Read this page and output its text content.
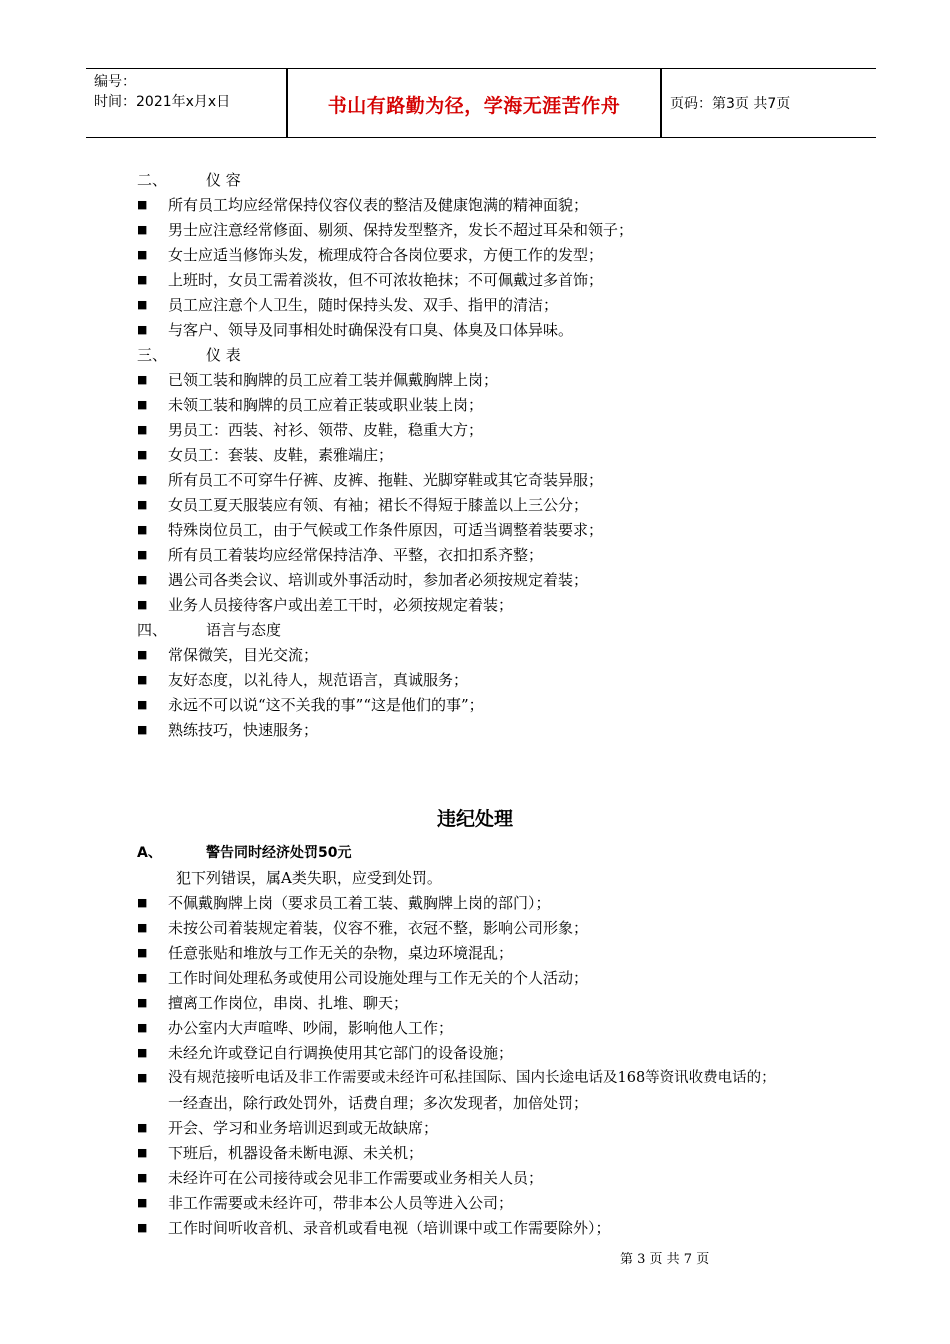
编号：
时间：2021年x月x日	书山有路勤为径，学海无涯苦作舟	页码：第3页 共7页
二、	仪 容
■ 所有员工均应经常保持仪容仪表的整洁及健康饱满的精神面貌；
■ 男士应注意经常修面、剔须、保持发型整齐，发长不超过耳朵和领子；
■ 女士应适当修饰头发，梳理成符合各岗位要求，方便工作的发型；
■ 上班时，女员工需着淡妆，但不可浓妆艳抹；不可佩戴过多首饰；
■ 员工应注意个人卫生，随时保持头发、双手、指甲的清洁；
■ 与客户、领导及同事相处时确保没有口臭、体臭及口体异味。
三、	仪 表
■ 已领工装和胸牌的员工应着工装并佩戴胸牌上岗；
■ 未领工装和胸牌的员工应着正装或职业装上岗；
■ 男员工：西装、衬衫、领带、皮鞋，稳重大方；
■ 女员工：套装、皮鞋，素雅端庄；
■ 所有员工不可穿牛仔裤、皮裤、拖鞋、光脚穿鞋或其它奇装异服；
■ 女员工夏天服装应有领、有袖；裙长不得短于膝盖以上三公分；
■ 特殊岗位员工，由于气候或工作条件原因，可适当调整着装要求；
■ 所有员工着装均应经常保持洁净、平整，衣扣扣系齐整；
■ 遇公司各类会议、培训或外事活动时，参加者必须按规定着装；
■ 业务人员接待客户或出差工干时，必须按规定着装；
四、	语言与态度
■ 常保微笑，目光交流；
■ 友好态度，以礼待人，规范语言，真诚服务；
■ 永远不可以说“这不关我的事”“这是他们的事”；
■ 熟练技巧，快速服务；
违纪处理
A、	警告同时经济处罚50元
犯下列错误，属A类失职，应受到处罚。
■ 不佩戴胸牌上岗（要求员工着工装、戴胸牌上岗的部门）；
■ 未按公司着装规定着装，仪容不雅，衣冠不整，影响公司形象；
■ 任意张贴和堆放与工作无关的杂物，桌边环境混乱；
■ 工作时间处理私务或使用公司设施处理与工作无关的个人活动；
■ 擅离工作岗位，串岗、扎堆、聊天；
■ 办公室内大声喧哗、吵闹，影响他人工作；
■ 未经允许或登记自行调换使用其它部门的设备设施；
■ 没有规范接听电话及非工作需要或未经许可私挂国际、国内长途电话及168等资讯收费电话的；
一经查出，除行政处罚外，话费自理；多次发现者，加倍处罚；
■ 开会、学习和业务培训迟到或无故缺席；
■ 下班后，机器设备未断电源、未关机；
■ 未经许可在公司接待或会见非工作需要或业务相关人员；
■ 非工作需要或未经许可，带非本公人员等进入公司；
■ 工作时间听收音机、录音机或看电视（培训课中或工作需要除外）；
第 3 页 共 7 页
